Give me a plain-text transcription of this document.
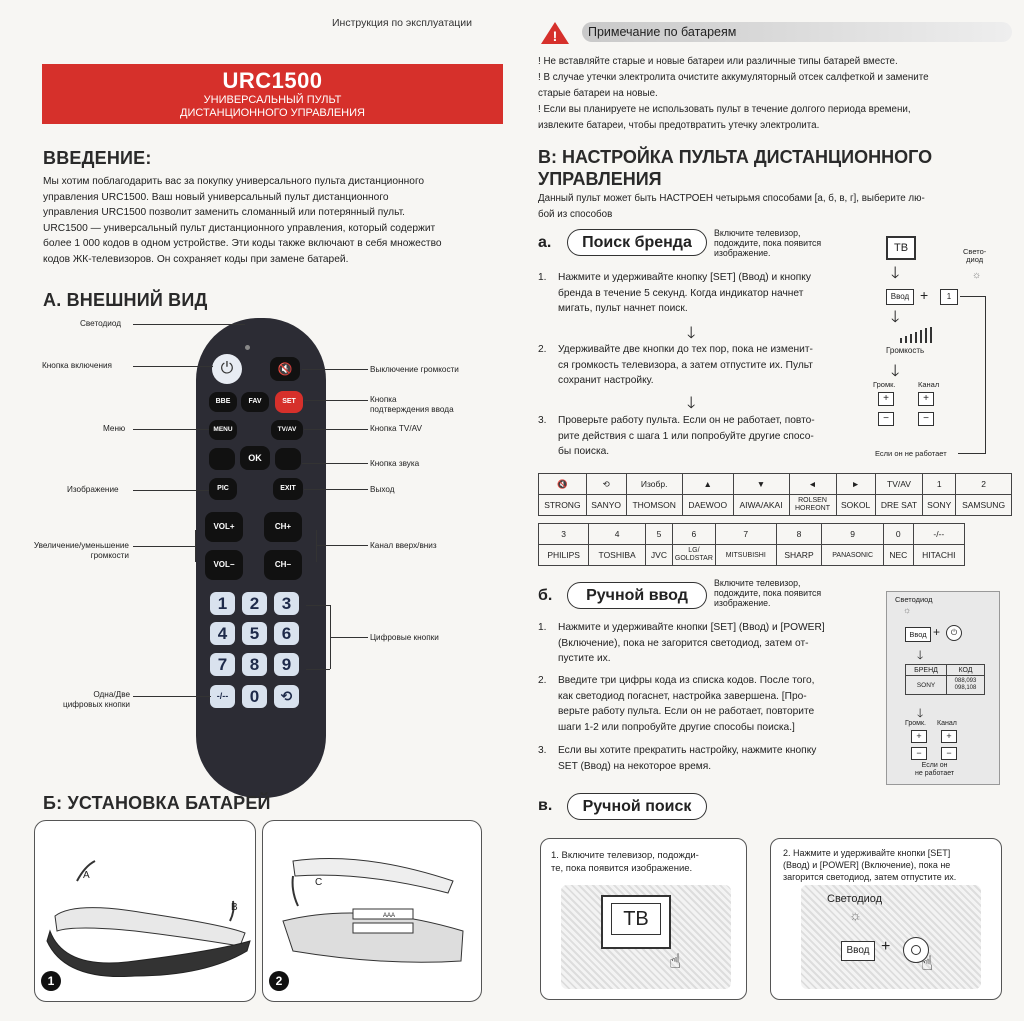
Инструкция по эксплуатации
URC1500
УНИВЕРСАЛЬНЫЙ ПУЛЬТ
ДИСТАНЦИОННОГО УПРАВЛЕНИЯ
ВВЕДЕНИЕ:
Мы хотим поблагодарить вас за покупку универсального пульта дистанционного
управления URC1500. Ваш новый универсальный пульт дистанционного
управления URC1500 позволит заменить сломанный или потерянный пульт.
URC1500 — универсальный пульт дистанционного управления, который содержит
более 1 000 кодов в одном устройстве. Эти коды также включают в себя множество
кодов ЖК-телевизоров. Он сохраняет коды при замене батарей.
А. ВНЕШНИЙ ВИД
⏻	🔇
BBE	FAV	SET
MENU	TV/AV
OK
PIC	EXIT
VOL+	CH+
VOL−	CH−
1	2	3
4	5	6
7	8	9
-/--	0	⟲
Светодиод
Кнопка включения
Меню
Изображение
Увеличение/уменьшение
громкости
Одна/Две
цифровых кнопки
Выключение громкости
Кнопка
подтверждения ввода
Кнопка TV/AV
Кнопка звука
Выход
Канал вверх/вниз
Цифровые кнопки
Б: УСТАНОВКА БАТАРЕЙ
A
B
1
C
AAA
2
!	Примечание по батареям
! Не вставляйте старые и новые батареи или различные типы батарей вместе.
! В случае утечки электролита очистите аккумуляторный отсек салфеткой и замените
старые батареи на новые.
! Если вы планируете не использовать пульт в течение долгого периода времени,
извлеките батареи, чтобы предотвратить утечку электролита.
В: НАСТРОЙКА ПУЛЬТА ДИСТАНЦИОННОГО
УПРАВЛЕНИЯ
Данный пульт может быть НАСТРОЕН четырьмя способами [а, б, в, г], выберите лю-
бой из способов
а.	Поиск бренда
Включите телевизор,
подождите, пока появится
изображение.
1. Нажмите и удерживайте кнопку [SET] (Ввод) и кнопку
бренда в течение 5 секунд. Когда индикатор начнет
мигать, пульт начнет поиск.
🡓
2. Удерживайте две кнопки до тех пор, пока не изменит-
ся громкость телевизора, а затем отпустите их. Пульт
сохранит настройку.
🡓
3. Проверьте работу пульта. Если он не работает, повто-
рите действия с шага 1 или попробуйте другие спосо-
бы поиска.
ТВ	Свето-
диод
☼
🡓
Ввод +	1
🡓
Громкость
🡓
Громк.	Канал
+	+
−	−
Если он не работает
🔇	⟲	Изобр.	▲	▼	◄	►	TV/AV	1	2
STRONG	SANYO	THOMSON	DAEWOO	AIWA/AKAI	ROLSEN HOREONT	SOKOL	DRE SAT	SONY	SAMSUNG
3	4	5	6	7	8	9	0	-/--
PHILIPS	TOSHIBA	JVC	LG/ GOLDSTAR	MITSUBISHI	SHARP	PANASONIC	NEC	HITACHI
б.	Ручной ввод
Включите телевизор,
подождите, пока появится
изображение.
1. Нажмите и удерживайте кнопки [SET] (Ввод) и [POWER]
(Включение), пока не загорится светодиод, затем от-
пустите их.
2. Введите три цифры кода из списка кодов. После того,
как светодиод погаснет, настройка завершена. [Про-
верьте работу пульта. Если он не работает, повторите
шаги 1-2 или попробуйте другие способы поиска.]
3. Если вы хотите прекратить настройку, нажмите кнопку
SET (Ввод) на некоторое время.
Светодиод
☼
Ввод +	⏻
🡓
БРЕНД	КОД
SONY	088,093
098,108
🡓
Громк. Канал
+	+
−	−
Если он
не работает
в.	Ручной поиск
1. Включите телевизор, подожди-
те, пока появится изображение.
ТВ
☝
2. Нажмите и удерживайте кнопки [SET]
(Ввод) и [POWER] (Включение), пока не
загорится светодиод, затем отпустите их.
Светодиод
☼
Ввод +
☝
